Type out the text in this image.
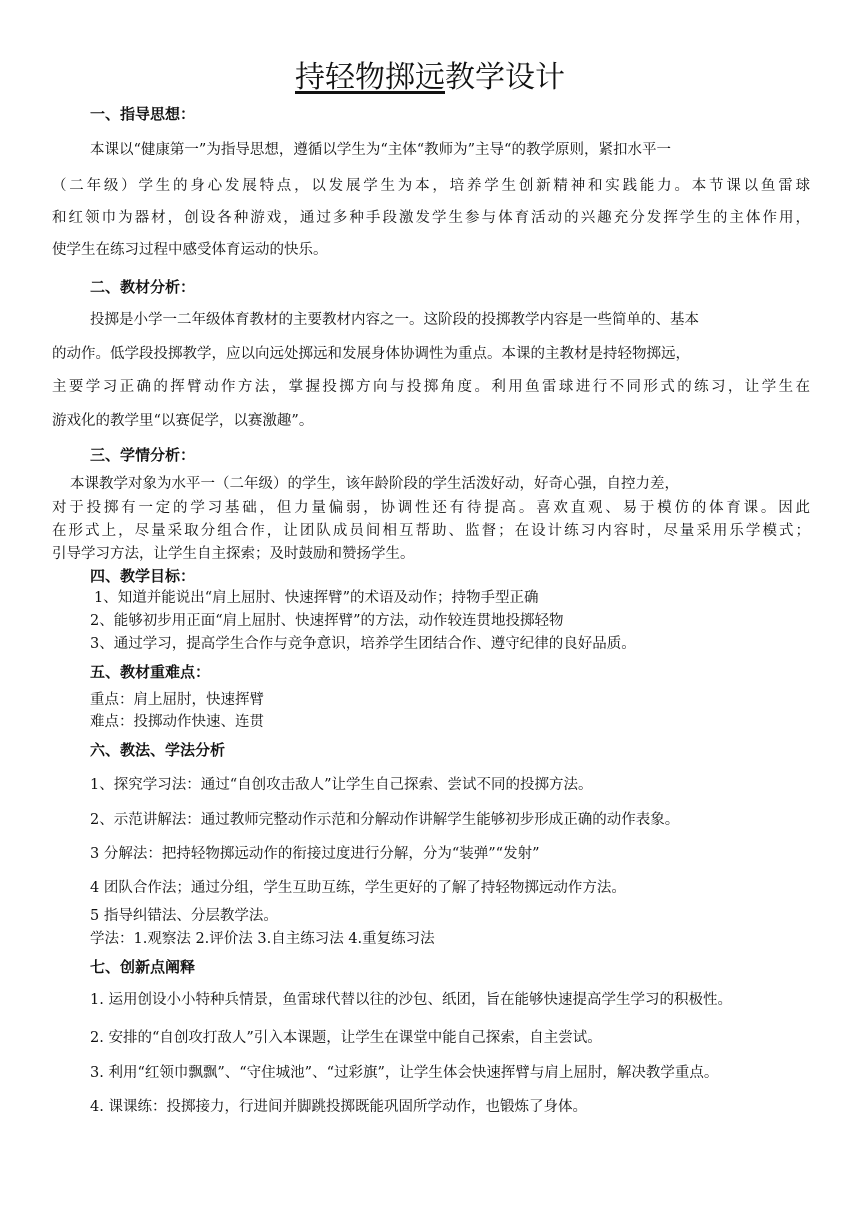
持轻物掷远教学设计
一、指导思想：
本课以“健康第一”为指导思想，遵循以学生为“主体“教师为”主导“的教学原则，紧扣水平一
（二年级）学生的身心发展特点，以发展学生为本，培养学生创新精神和实践能力。本节课以鱼雷球
和红领巾为器材，创设各种游戏，通过多种手段激发学生参与体育活动的兴趣充分发挥学生的主体作用，
使学生在练习过程中感受体育运动的快乐。
二、教材分析：
投掷是小学一二年级体育教材的主要教材内容之一。这阶段的投掷教学内容是一些简单的、基本
的动作。低学段投掷教学，应以向远处掷远和发展身体协调性为重点。本课的主教材是持轻物掷远，
主要学习正确的挥臂动作方法，掌握投掷方向与投掷角度。利用鱼雷球进行不同形式的练习，让学生在
游戏化的教学里“以赛促学，以赛激趣”。
三、学情分析：
本课教学对象为水平一（二年级）的学生，该年龄阶段的学生活泼好动，好奇心强，自控力差，
对于投掷有一定的学习基础，但力量偏弱，协调性还有待提高。喜欢直观、易于模仿的体育课。因此
在形式上，尽量采取分组合作，让团队成员间相互帮助、监督；在设计练习内容时，尽量采用乐学模式；
引导学习方法，让学生自主探索；及时鼓励和赞扬学生。
四、教学目标：
1、知道并能说出“肩上屈肘、快速挥臂”的术语及动作；持物手型正确
2、能够初步用正面“肩上屈肘、快速挥臂”的方法，动作较连贯地投掷轻物
3、通过学习，提高学生合作与竞争意识，培养学生团结合作、遵守纪律的良好品质。
五、教材重难点：
重点：肩上屈肘，快速挥臂
难点：投掷动作快速、连贯
六、教法、学法分析
1、探究学习法：通过“自创攻击敌人”让学生自己探索、尝试不同的投掷方法。
2、示范讲解法：通过教师完整动作示范和分解动作讲解学生能够初步形成正确的动作表象。
3 分解法：把持轻物掷远动作的衔接过度进行分解，分为“装弹”“发射”
4 团队合作法；通过分组，学生互助互练，学生更好的了解了持轻物掷远动作方法。
5 指导纠错法、分层教学法。
学法：1.观察法 2.评价法 3.自主练习法 4.重复练习法
七、创新点阐释
1. 运用创设小小特种兵情景，鱼雷球代替以往的沙包、纸团，旨在能够快速提高学生学习的积极性。
2. 安排的“自创攻打敌人”引入本课题，让学生在课堂中能自己探索，自主尝试。
3. 利用“红领巾飘飘”、“守住城池”、“过彩旗”，让学生体会快速挥臂与肩上屈肘，解决教学重点。
4. 课课练：投掷接力，行进间并脚跳投掷既能巩固所学动作，也锻炼了身体。
